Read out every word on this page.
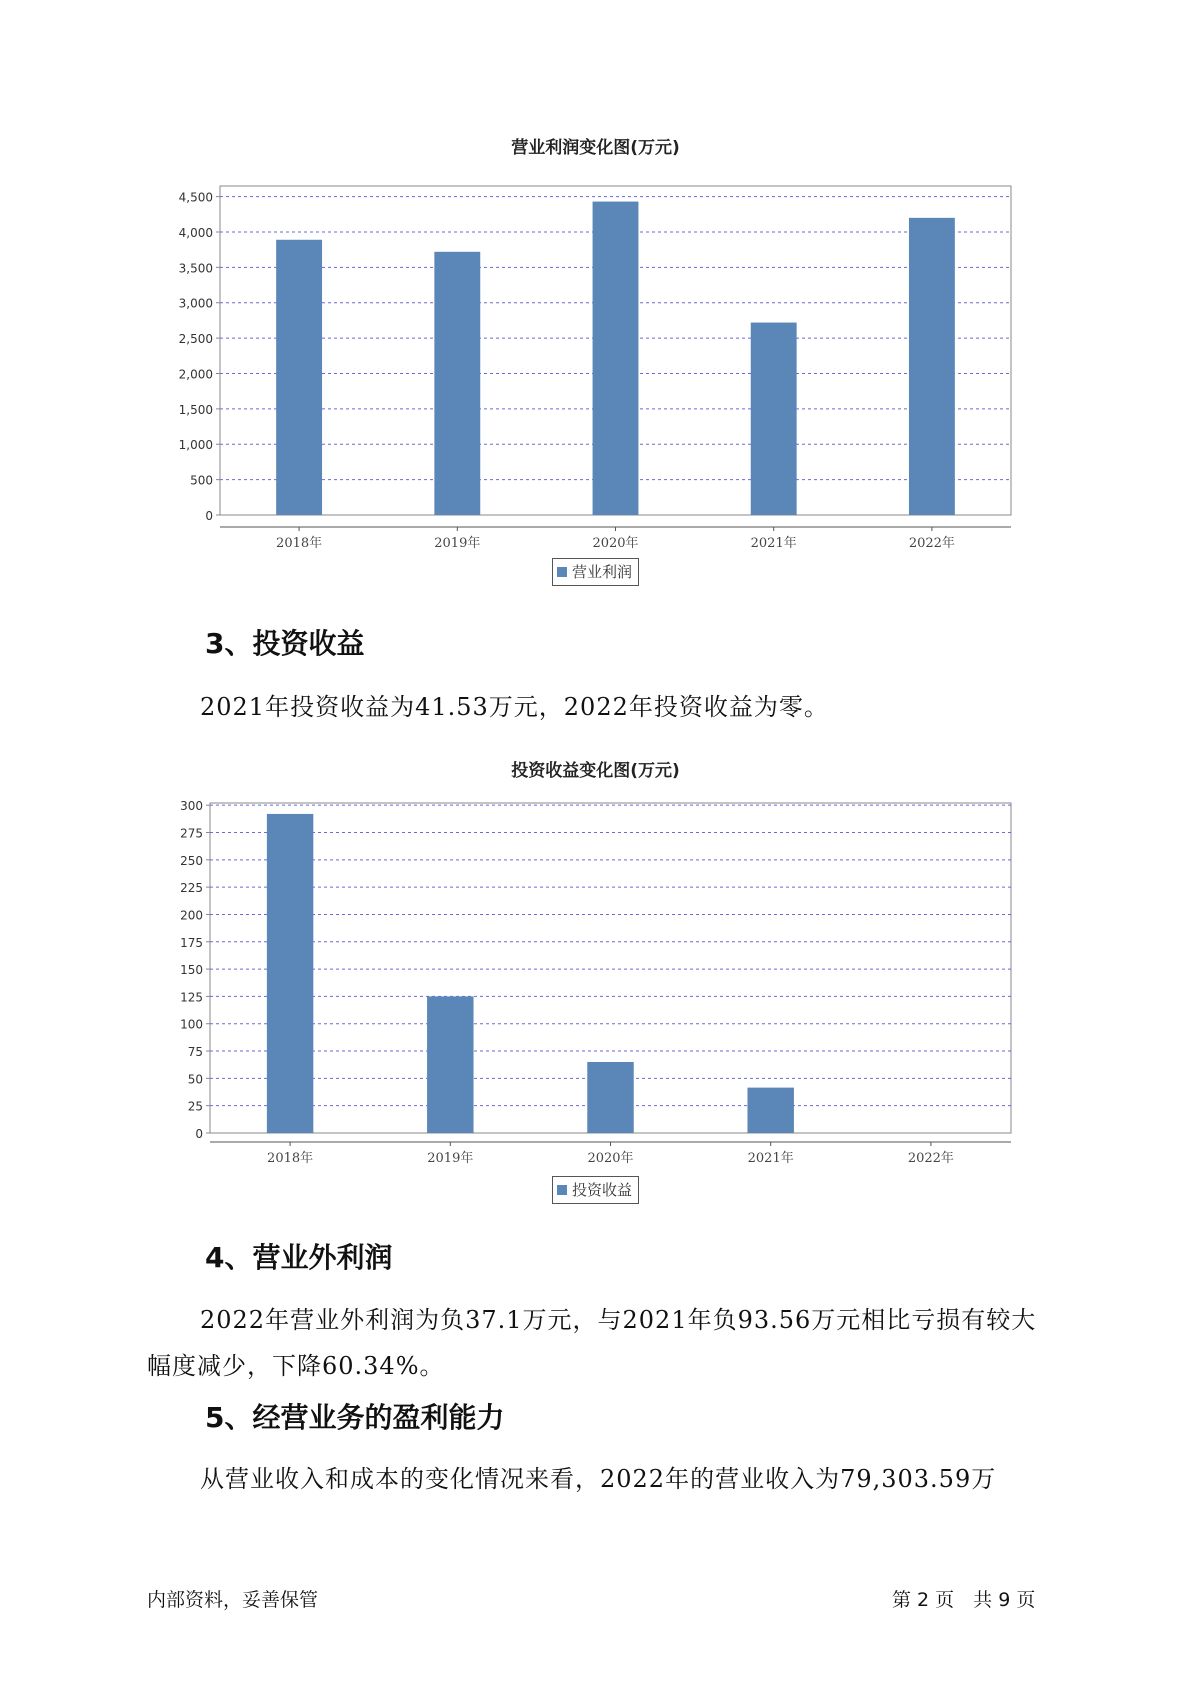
营业利润变化图(万元)
0
500
1,000
1,500
2,000
2,500
3,000
3,500
4,000
4,500
2018年	2019年	2020年	2021年	2022年
营业利润
3、投资收益
2021年投资收益为41.53万元，2022年投资收益为零。
投资收益变化图(万元)
0
25
50
75
100
125
150
175
200
225
250
275
300
2018年	2019年	2020年	2021年	2022年
投资收益
4、营业外利润
2022年营业外利润为负37.1万元，与2021年负93.56万元相比亏损有较大幅度减少，下降60.34%。
5、经营业务的盈利能力
从营业收入和成本的变化情况来看，2022年的营业收入为79,303.59万
内部资料，妥善保管	第 2 页　共 9 页
